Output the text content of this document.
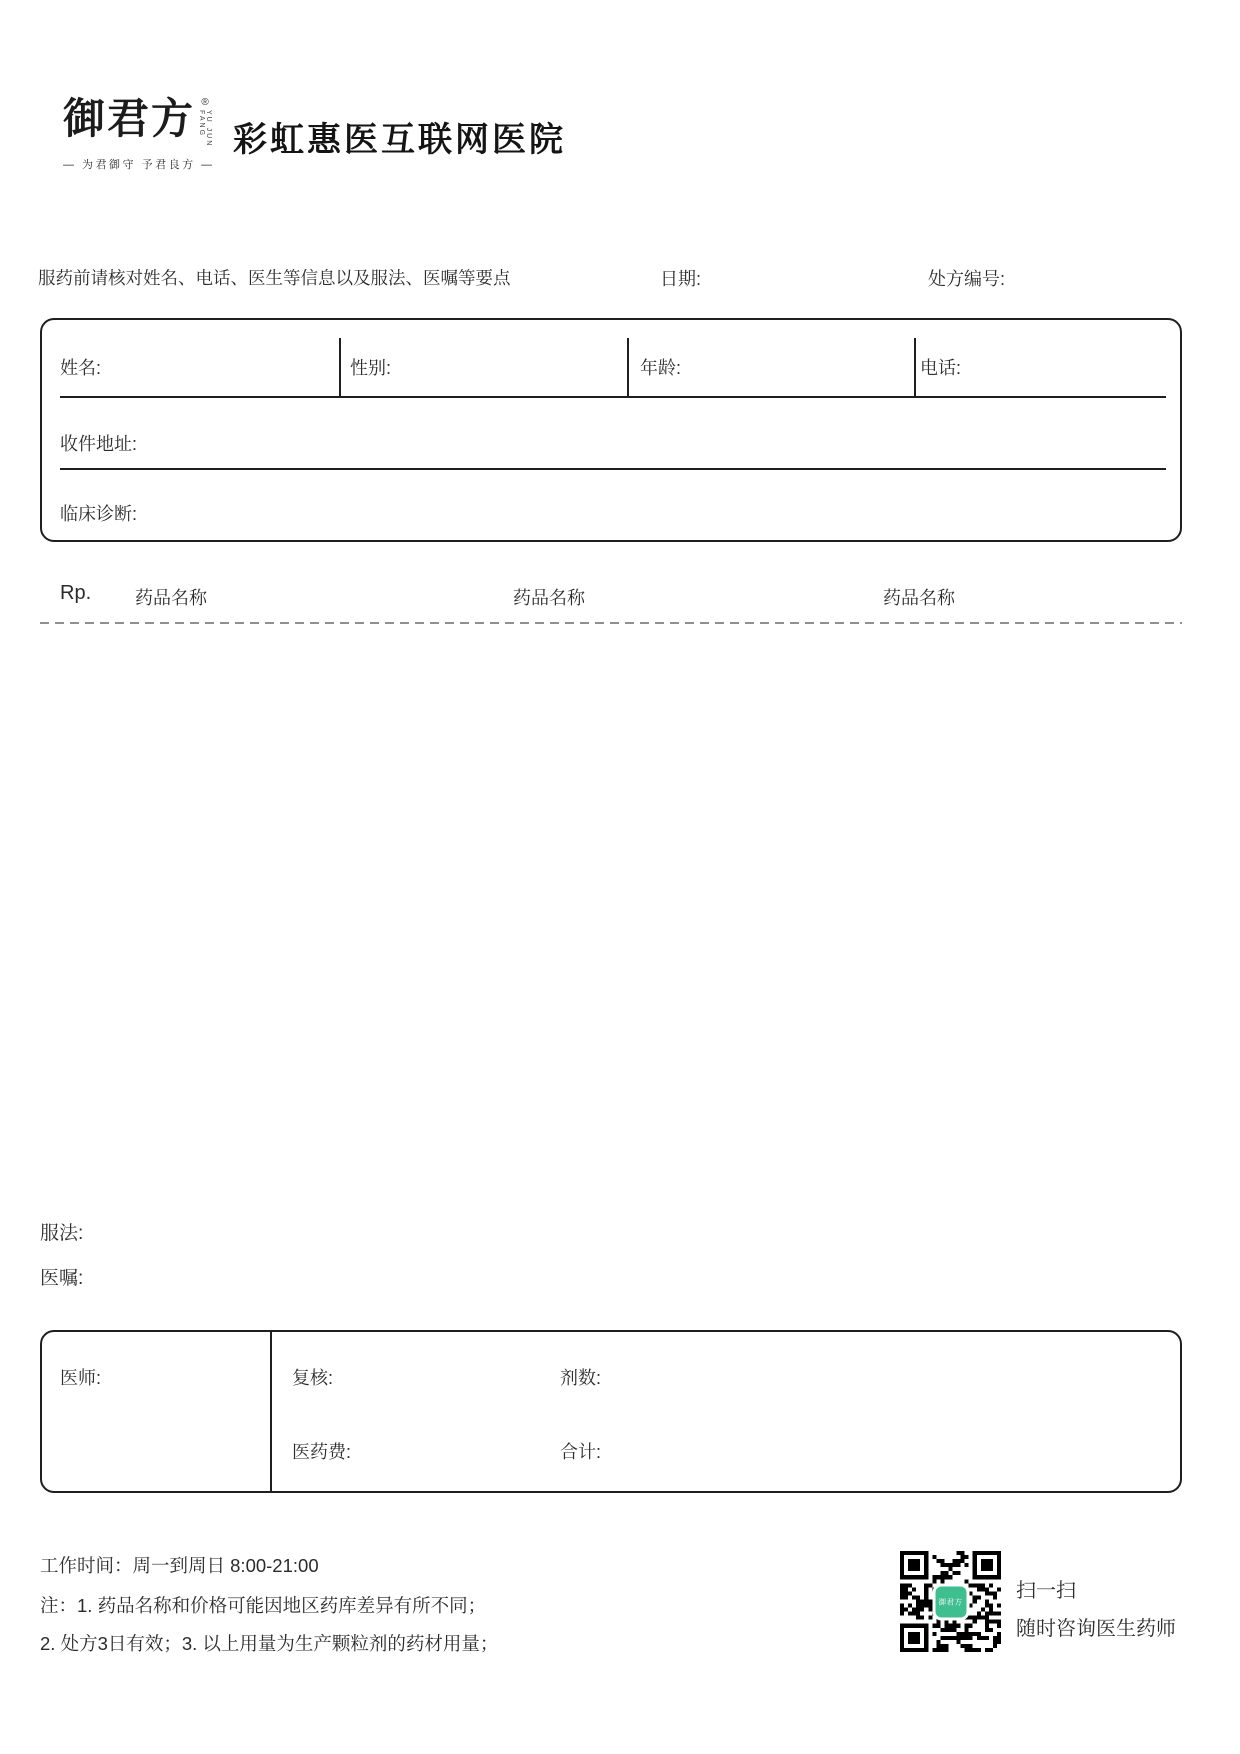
御君方 ®
YU JUN FANG
— 为君御守 予君良方 —
彩虹惠医互联网医院
服药前请核对姓名、电话、医生等信息以及服法、医嘱等要点	日期:	处方编号:
姓名:	性别:	年龄:	电话:
收件地址:
临床诊断:
Rp. 药品名称	药品名称	药品名称
服法:
医嘱:
医师:	复核:	剂数:
医药费:	合计:
工作时间：周一到周日 8:00-21:00
注：1. 药品名称和价格可能因地区药库差异有所不同；
2. 处方3日有效；3. 以上用量为生产颗粒剂的药材用量；
御君方	扫一扫
随时咨询医生药师
